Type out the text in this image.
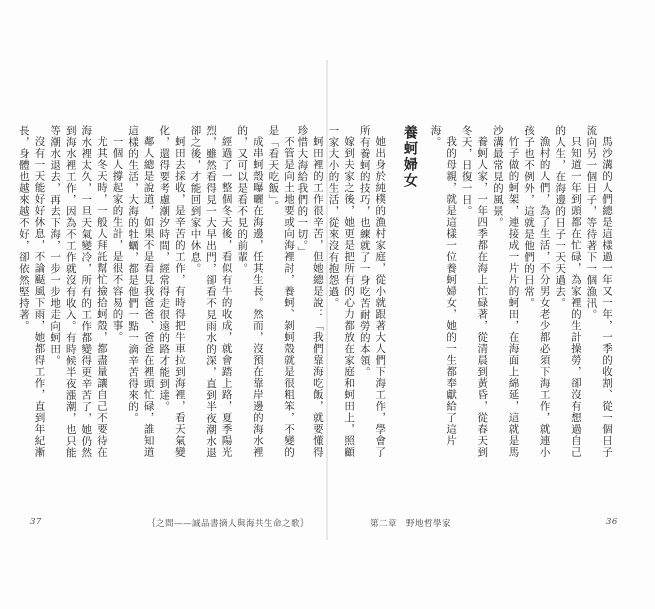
不管是向土地要或向海裡討，養蚵、剝蚵殼就是很粗笨，不變的是「看天吃飯」。

成串蚵殼曝曬在海邊，任其生長。然而，沒預在靠岸邊的海水裡的，又可以是看不見的前輩。

經過了一整個冬天後，看似有牛的收成，就會踏上路，夏季陽光烈，雖然看得見一大早出門，卻看不見雨水的深，直到半夜潮水退卻之後，才能回到家中休息。

蚵田去採收，是辛苦的工作，有時得把牛車拉到海裡，看天氣變化，還得要考慮潮汐時間，經常得走很遠的路才能到達。

鄰人總是說道，如果不是看見我爸爸、爸爸在裡頭忙碌，誰知道這樣的生活，大海的牡蠣，都是他們一點一滴辛苦得來的。

一個人撐起家的生計，是很不容易的事。

尤其冬天時，一般人拜託幫忙撿拾蚵殼，都盡量讓自己不要待在海水裡太久，一旦天氣變冷，所有的工作都變得更辛苦了，她仍然到海水裡工作，因為不工作就沒有收入。有時候半夜漲潮，也只能等潮水退去，再去下海，一步一步地走向蚵田。

沒有一天能好好休息，不論颳風下雨，她都得工作，直到年紀漸長，身體也越來越不好，卻依然堅持著。

37	｛之間——誠品書摘人與海共生命之歌｝

馬沙溝的人們總是這樣過一年又一年，一季的收割、從一個日子流向另一個日子，等待著下一個漁汛。

只知道一年到頭都在忙碌，為家裡的生計操勞，卻沒有想過自己的人生，在海邊的日子一天天過去。

漁村的人們，為了生活，不分男女老少都必須下海工作，就連小孩子也不例外，這就是他們的日常。

竹子做的蚵架，連接成一片片的蚵田，在海面上綿延，這就是馬沙溝最常見的風景。

養蚵人家，一年四季都在海上忙碌著，從清晨到黃昏，從春天到冬天，日復一日。

我的母親，就是這樣一位養蚵婦女，她的一生都奉獻給了這片海。

養蚵婦女

她出身於純樸的漁村家庭，從小就跟著大人們下海工作，學會了所有養蚵的技巧，也練就了一身吃苦耐勞的本領。

嫁到夫家之後，她更是把所有的心力都放在家庭和蚵田上，照顧一家大小的生活，從來沒有抱怨過。

蚵田裡的工作很辛苦，但她總是說：「我們靠海吃飯，就要懂得珍惜大海給我們的一切。」

第二章　野地哲學家	36
